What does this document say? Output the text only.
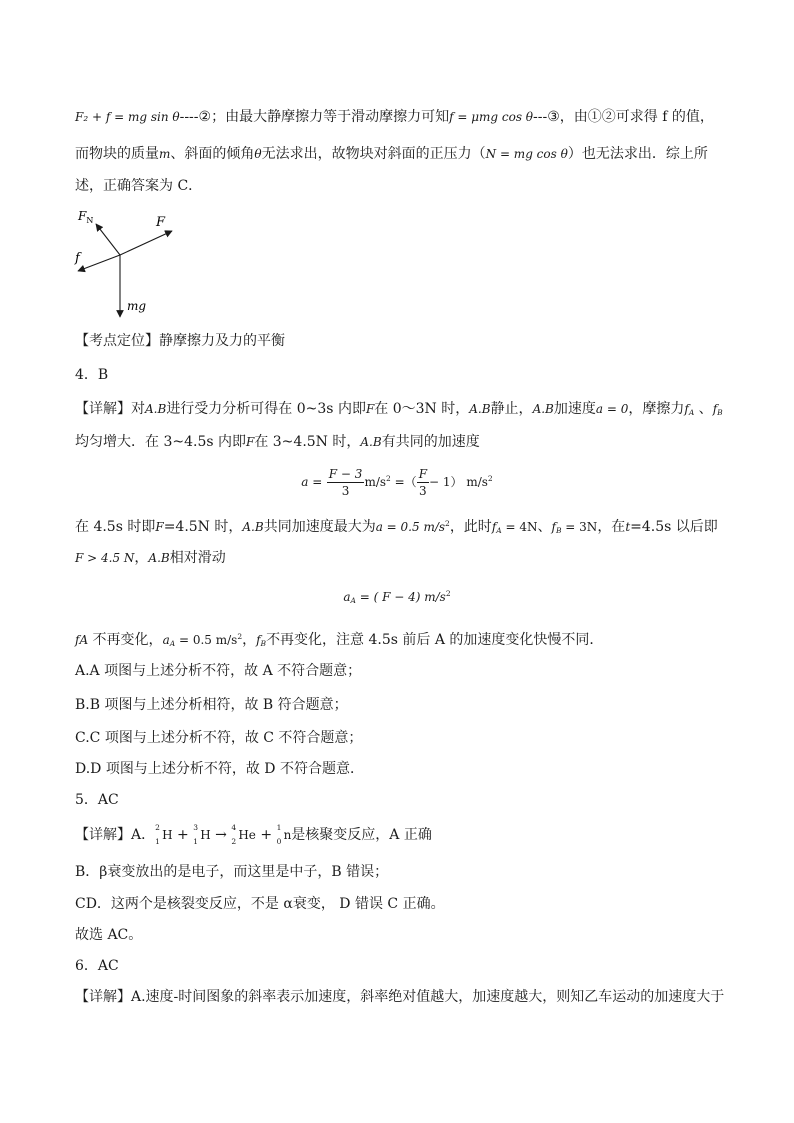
F₂ + f = mg sin θ----②；由最大静摩擦力等于滑动摩擦力可知f = μmg cos θ---③，由①②可求得 f 的值，
而物块的质量m、斜面的倾角θ无法求出，故物块对斜面的正压力（N = mg cos θ）也无法求出．综上所
述，正确答案为 C．
$F_N$	F
f
mg
【考点定位】静摩擦力及力的平衡
4．B
【详解】对A.B进行受力分析可得在 0~3s 内即F在 0～3N 时，A.B静止，A.B加速度a = 0，摩擦力$f_A$ 、$f_B$
均匀增大．在 3~4.5s 内即F在 3~4.5N 时，A.B有共同的加速度
$a = \frac{F - 3}{3} m/s^2$ =（ $\frac{F}{3} - 1$） $m/s^2$
在 4.5s 时即F=4.5N 时，A.B共同加速度最大为a = 0.5 $m/s^2$，此时$f_A = 4N$、$f_B = 3N$，在t=4.5s 以后即
F > 4.5 N，A.B相对滑动
$a_A$ = ( F − 4) $m/s^2$
fA 不再变化，$a_A = 0.5$ $m/s^2$，$f_B$不再变化，注意 4.5s 前后 A 的加速度变化快慢不同．
A.A 项图与上述分析不符，故 A 不符合题意；
B.B 项图与上述分析相符，故 B 符合题意；
C.C 项图与上述分析不符，故 C 不符合题意；
D.D 项图与上述分析不符，故 D 不符合题意．
5．AC
【详解】A． 2
1 H + 3
1 H → 4
2 He + 1
0 n是核聚变反应，A 正确
B．β衰变放出的是电子，而这里是中子，B 错误；
CD．这两个是核裂变反应，不是 α衰变， D 错误 C 正确。
故选 AC。
6．AC
【详解】A.速度-时间图象的斜率表示加速度，斜率绝对值越大，加速度越大，则知乙车运动的加速度大于
